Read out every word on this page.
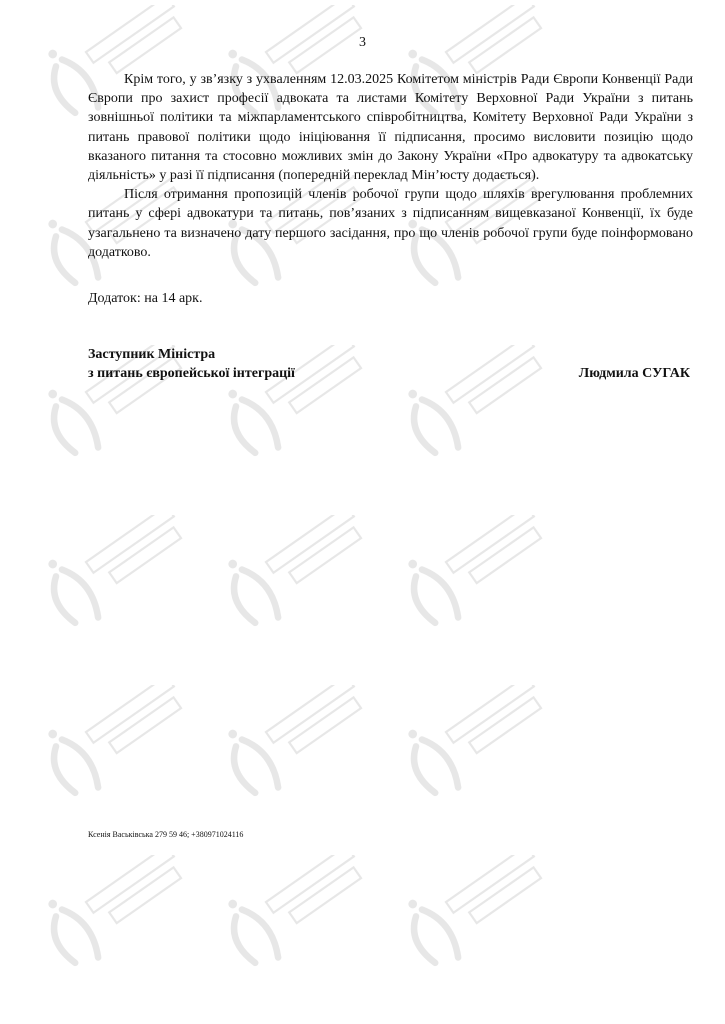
3

Крім того, у зв’язку з ухваленням 12.03.2025 Комітетом міністрів Ради Європи Конвенції Ради Європи про захист професії адвоката та листами Комітету Верховної Ради України з питань зовнішньої політики та міжпарламентського співробітництва, Комітету Верховної Ради України з питань правової політики щодо ініціювання її підписання, просимо висловити позицію щодо вказаного питання та стосовно можливих змін до Закону України «Про адвокатуру та адвокатську діяльність» у разі її підписання (попередній переклад Мін’юсту додається).

Після отримання пропозицій членів робочої групи щодо шляхів врегулювання проблемних питань у сфері адвокатури та питань, пов’язаних з підписанням вищевказаної Конвенції, їх буде узагальнено та визначено дату першого засідання, про що членів робочої групи буде поінформовано додатково.

Додаток: на 14 арк.
Заступник Міністра
з питань європейської інтеграції	Людмила СУГАК
Ксенія Васьківська 279 59 46; +380971024116
